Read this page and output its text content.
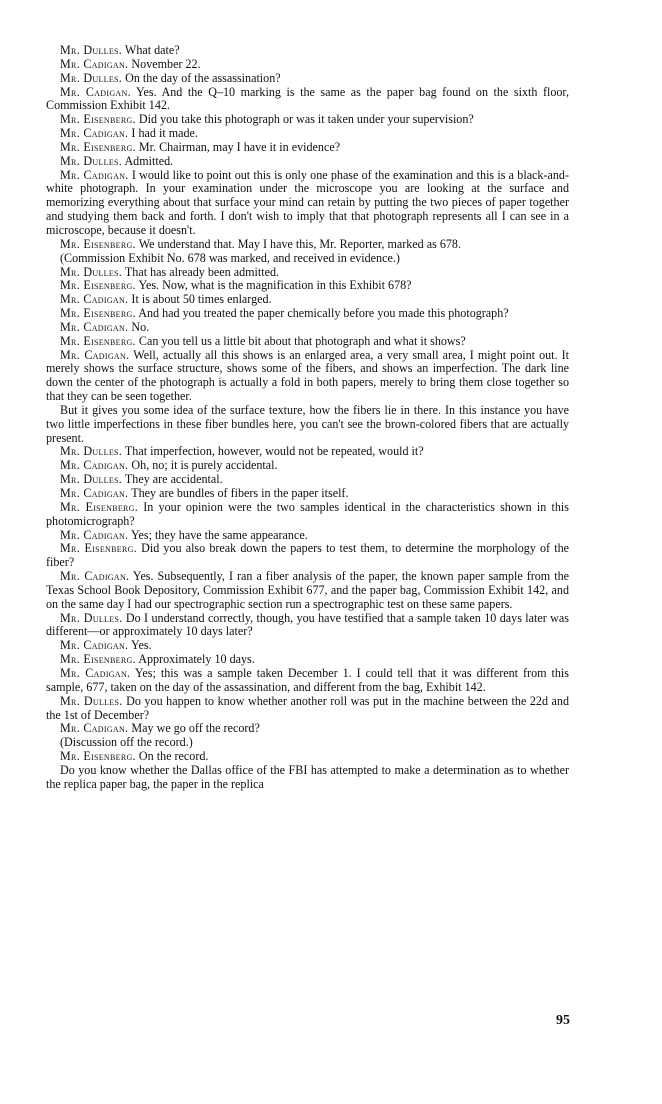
Mr. Dulles. What date?

Mr. Cadigan. November 22.

Mr. Dulles. On the day of the assassination?

Mr. Cadigan. Yes. And the Q–10 marking is the same as the paper bag found on the sixth floor, Commission Exhibit 142.

Mr. Eisenberg. Did you take this photograph or was it taken under your supervision?

Mr. Cadigan. I had it made.

Mr. Eisenberg. Mr. Chairman, may I have it in evidence?

Mr. Dulles. Admitted.

Mr. Cadigan. I would like to point out this is only one phase of the examination and this is a black-and-white photograph. In your examination under the microscope you are looking at the surface and memorizing everything about that surface your mind can retain by putting the two pieces of paper together and studying them back and forth. I don't wish to imply that that photograph represents all I can see in a microscope, because it doesn't.

Mr. Eisenberg. We understand that. May I have this, Mr. Reporter, marked as 678.

(Commission Exhibit No. 678 was marked, and received in evidence.)

Mr. Dulles. That has already been admitted.

Mr. Eisenberg. Yes. Now, what is the magnification in this Exhibit 678?

Mr. Cadigan. It is about 50 times enlarged.

Mr. Eisenberg. And had you treated the paper chemically before you made this photograph?

Mr. Cadigan. No.

Mr. Eisenberg. Can you tell us a little bit about that photograph and what it shows?

Mr. Cadigan. Well, actually all this shows is an enlarged area, a very small area, I might point out. It merely shows the surface structure, shows some of the fibers, and shows an imperfection. The dark line down the center of the photograph is actually a fold in both papers, merely to bring them close together so that they can be seen together.

But it gives you some idea of the surface texture, how the fibers lie in there. In this instance you have two little imperfections in these fiber bundles here, you can't see the brown-colored fibers that are actually present.

Mr. Dulles. That imperfection, however, would not be repeated, would it?

Mr. Cadigan. Oh, no; it is purely accidental.

Mr. Dulles. They are accidental.

Mr. Cadigan. They are bundles of fibers in the paper itself.

Mr. Eisenberg. In your opinion were the two samples identical in the characteristics shown in this photomicrograph?

Mr. Cadigan. Yes; they have the same appearance.

Mr. Eisenberg. Did you also break down the papers to test them, to determine the morphology of the fiber?

Mr. Cadigan. Yes. Subsequently, I ran a fiber analysis of the paper, the known paper sample from the Texas School Book Depository, Commission Exhibit 677, and the paper bag, Commission Exhibit 142, and on the same day I had our spectrographic section run a spectrographic test on these same papers.

Mr. Dulles. Do I understand correctly, though, you have testified that a sample taken 10 days later was different—or approximately 10 days later?

Mr. Cadigan. Yes.

Mr. Eisenberg. Approximately 10 days.

Mr. Cadigan. Yes; this was a sample taken December 1. I could tell that it was different from this sample, 677, taken on the day of the assassination, and different from the bag, Exhibit 142.

Mr. Dulles. Do you happen to know whether another roll was put in the machine between the 22d and the 1st of December?

Mr. Cadigan. May we go off the record?

(Discussion off the record.)

Mr. Eisenberg. On the record.

Do you know whether the Dallas office of the FBI has attempted to make a determination as to whether the replica paper bag, the paper in the replica

95
